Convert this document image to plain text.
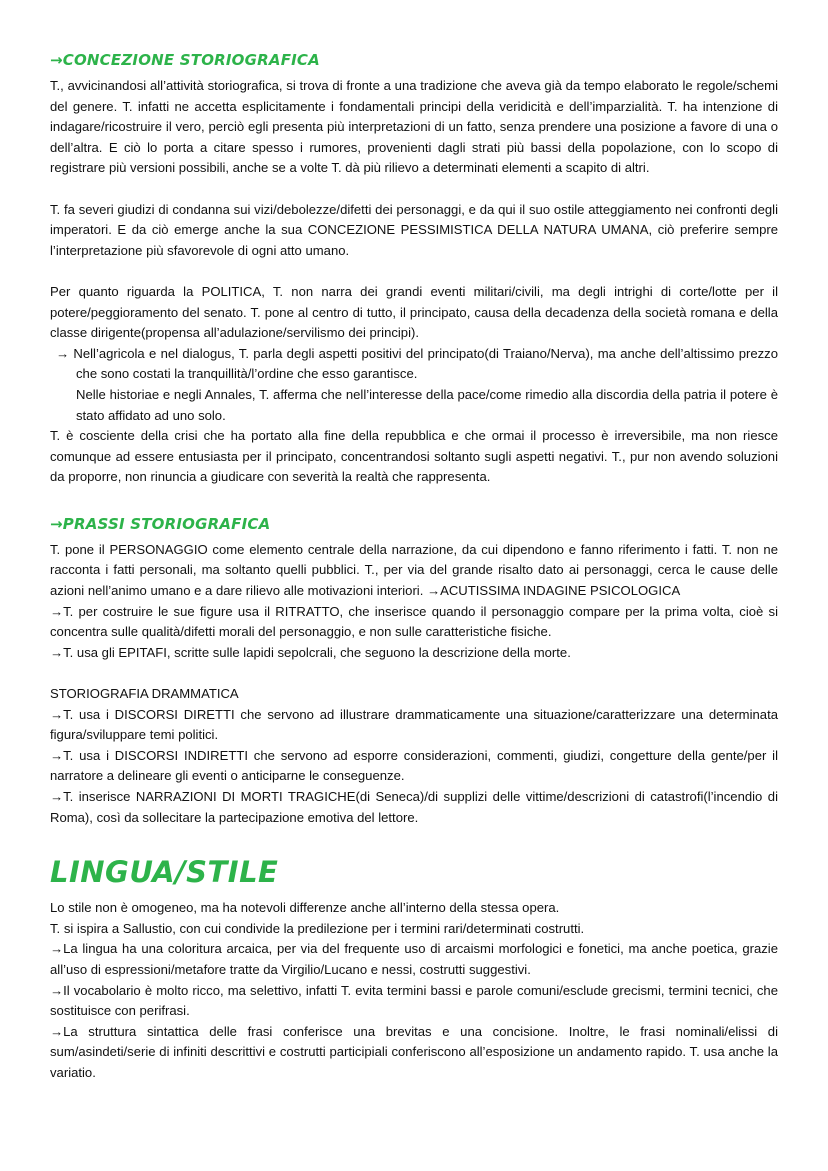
→CONCEZIONE STORIOGRAFICA

T., avvicinandosi all’attività storiografica, si trova di fronte a una tradizione che aveva già da tempo elaborato le regole/schemi del genere. T. infatti ne accetta esplicitamente i fondamentali principi della veridicità e dell’imparzialità. T. ha intenzione di indagare/ricostruire il vero, perciò egli presenta più interpretazioni di un fatto, senza prendere una posizione a favore di una o dell’altra. E ciò lo porta a citare spesso i rumores, provenienti dagli strati più bassi della popolazione, con lo scopo di registrare più versioni possibili, anche se a volte T. dà più rilievo a determinati elementi a scapito di altri.

T. fa severi giudizi di condanna sui vizi/debolezze/difetti dei personaggi, e da qui il suo ostile atteggiamento nei confronti degli imperatori. E da ciò emerge anche la sua CONCEZIONE PESSIMISTICA DELLA NATURA UMANA, ciò preferire sempre l’interpretazione più sfavorevole di ogni atto umano.

Per quanto riguarda la POLITICA, T. non narra dei grandi eventi militari/civili, ma degli intrighi di corte/lotte per il potere/peggioramento del senato. T. pone al centro di tutto, il principato, causa della decadenza della società romana e della classe dirigente(propensa all’adulazione/servilismo dei principi).

→ Nell’agricola e nel dialogus, T. parla degli aspetti positivi del principato(di Traiano/Nerva), ma anche dell’altissimo prezzo che sono costati la tranquillità/l’ordine che esso garantisce.

Nelle historiae e negli Annales, T. afferma che nell’interesse della pace/come rimedio alla discordia della patria il potere è stato affidato ad uno solo.

T. è cosciente della crisi che ha portato alla fine della repubblica e che ormai il processo è irreversibile, ma non riesce comunque ad essere entusiasta per il principato, concentrandosi soltanto sugli aspetti negativi. T., pur non avendo soluzioni da proporre, non rinuncia a giudicare con severità la realtà che rappresenta.

→PRASSI STORIOGRAFICA

T. pone il PERSONAGGIO come elemento centrale della narrazione, da cui dipendono e fanno riferimento i fatti. T. non ne racconta i fatti personali, ma soltanto quelli pubblici. T., per via del grande risalto dato ai personaggi, cerca le cause delle azioni nell’animo umano e a dare rilievo alle motivazioni interiori. →ACUTISSIMA INDAGINE PSICOLOGICA

→T. per costruire le sue figure usa il RITRATTO, che inserisce quando il personaggio compare per la prima volta, cioè si concentra sulle qualità/difetti morali del personaggio, e non sulle caratteristiche fisiche.

→T. usa gli EPITAFI, scritte sulle lapidi sepolcrali, che seguono la descrizione della morte.

STORIOGRAFIA DRAMMATICA

→T. usa i DISCORSI DIRETTI che servono ad illustrare drammaticamente una situazione/caratterizzare una determinata figura/sviluppare temi politici.

→T. usa i DISCORSI INDIRETTI che servono ad esporre considerazioni, commenti, giudizi, congetture della gente/per il narratore a delineare gli eventi o anticiparne le conseguenze.

→T. inserisce NARRAZIONI DI MORTI TRAGICHE(di Seneca)/di supplizi delle vittime/descrizioni di catastrofi(l’incendio di Roma), così da sollecitare la partecipazione emotiva del lettore.

LINGUA/STILE

Lo stile non è omogeneo, ma ha notevoli differenze anche all’interno della stessa opera.

T. si ispira a Sallustio, con cui condivide la predilezione per i termini rari/determinati costrutti.

→La lingua ha una coloritura arcaica, per via del frequente uso di arcaismi morfologici e fonetici, ma anche poetica, grazie all’uso di espressioni/metafore tratte da Virgilio/Lucano e nessi, costrutti suggestivi.

→Il vocabolario è molto ricco, ma selettivo, infatti T. evita termini bassi e parole comuni/esclude grecismi, termini tecnici, che sostituisce con perifrasi.

→La struttura sintattica delle frasi conferisce una brevitas e una concisione. Inoltre, le frasi nominali/elissi di sum/asindeti/serie di infiniti descrittivi e costrutti participiali conferiscono all’esposizione un andamento rapido. T. usa anche la variatio.
